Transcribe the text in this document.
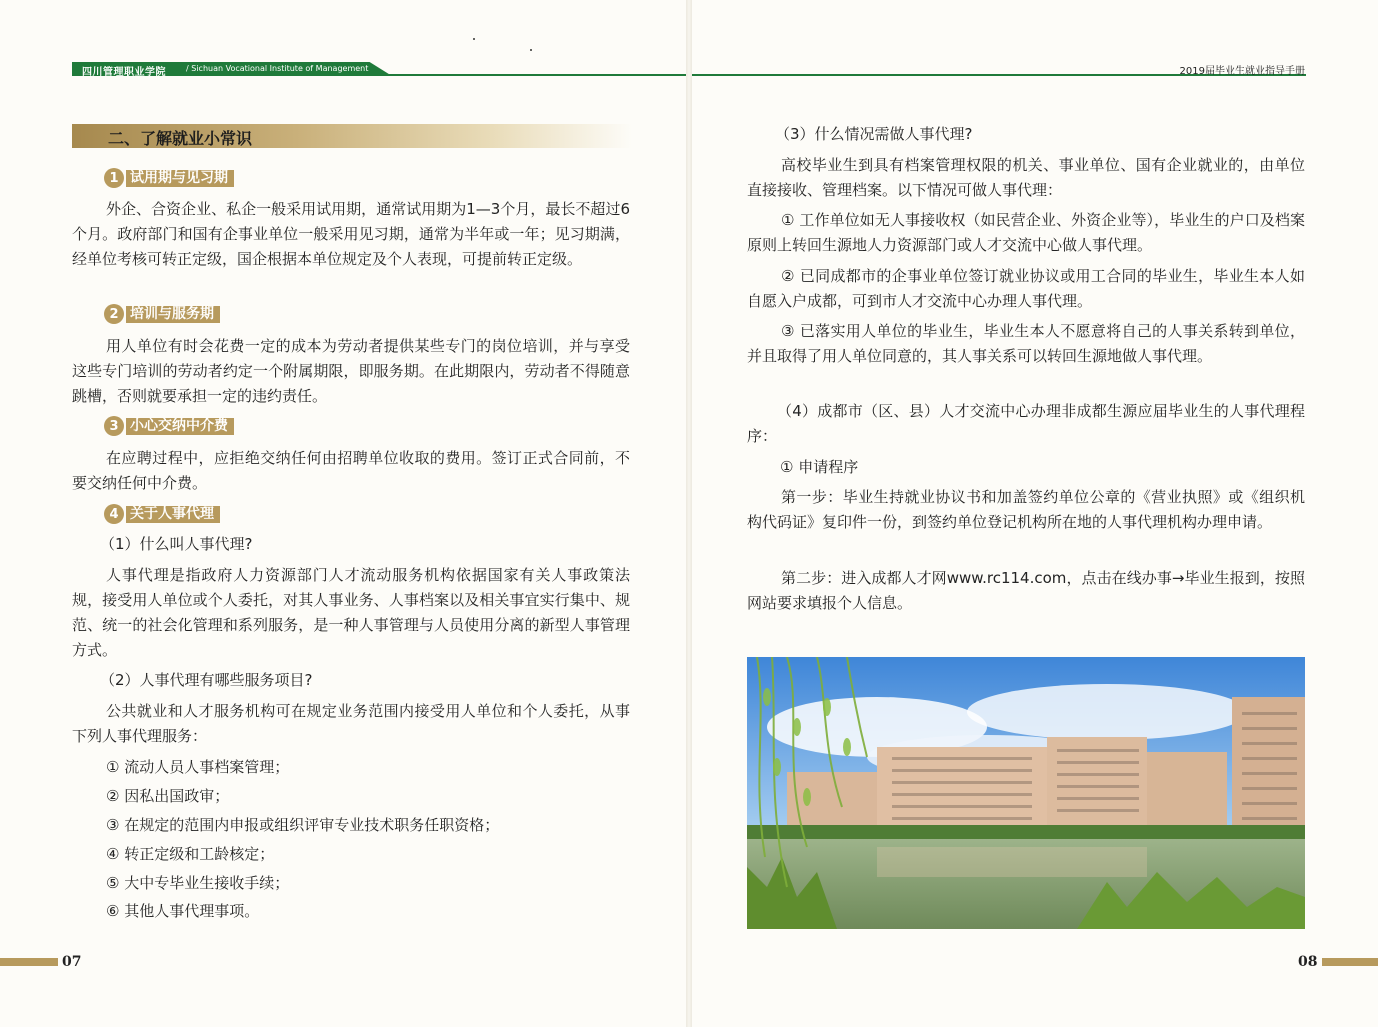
四川管理职业学院	/ Sichuan Vocational Institute of Management	2019届毕业生就业指导手册
二、了解就业小常识
1 试用期与见习期
外企、合资企业、私企一般采用试用期，通常试用期为1—3个月，最长不超过6个月。政府部门和国有企事业单位一般采用见习期，通常为半年或一年；见习期满，经单位考核可转正定级，国企根据本单位规定及个人表现，可提前转正定级。
2 培训与服务期
用人单位有时会花费一定的成本为劳动者提供某些专门的岗位培训，并与享受这些专门培训的劳动者约定一个附属期限，即服务期。在此期限内，劳动者不得随意跳槽，否则就要承担一定的违约责任。
3 小心交纳中介费
在应聘过程中，应拒绝交纳任何由招聘单位收取的费用。签订正式合同前，不要交纳任何中介费。
4 关于人事代理
（1）什么叫人事代理?
人事代理是指政府人力资源部门人才流动服务机构依据国家有关人事政策法规，接受用人单位或个人委托，对其人事业务、人事档案以及相关事宜实行集中、规范、统一的社会化管理和系列服务，是一种人事管理与人员使用分离的新型人事管理方式。
（2）人事代理有哪些服务项目?
公共就业和人才服务机构可在规定业务范围内接受用人单位和个人委托，从事下列人事代理服务：
① 流动人员人事档案管理；
② 因私出国政审；
③ 在规定的范围内申报或组织评审专业技术职务任职资格；
④ 转正定级和工龄核定；
⑤ 大中专毕业生接收手续；
⑥ 其他人事代理事项。
（3）什么情况需做人事代理?
高校毕业生到具有档案管理权限的机关、事业单位、国有企业就业的，由单位直接接收、管理档案。以下情况可做人事代理：
① 工作单位如无人事接收权（如民营企业、外资企业等），毕业生的户口及档案原则上转回生源地人力资源部门或人才交流中心做人事代理。
② 已同成都市的企事业单位签订就业协议或用工合同的毕业生，毕业生本人如自愿入户成都，可到市人才交流中心办理人事代理。
③ 已落实用人单位的毕业生，毕业生本人不愿意将自己的人事关系转到单位，并且取得了用人单位同意的，其人事关系可以转回生源地做人事代理。
（4）成都市（区、县）人才交流中心办理非成都生源应届毕业生的人事代理程序：
① 申请程序
第一步：毕业生持就业协议书和加盖签约单位公章的《营业执照》或《组织机构代码证》复印件一份，到签约单位登记机构所在地的人事代理机构办理申请。
第二步：进入成都人才网www.rc114.com，点击在线办事→毕业生报到，按照网站要求填报个人信息。
07	08
